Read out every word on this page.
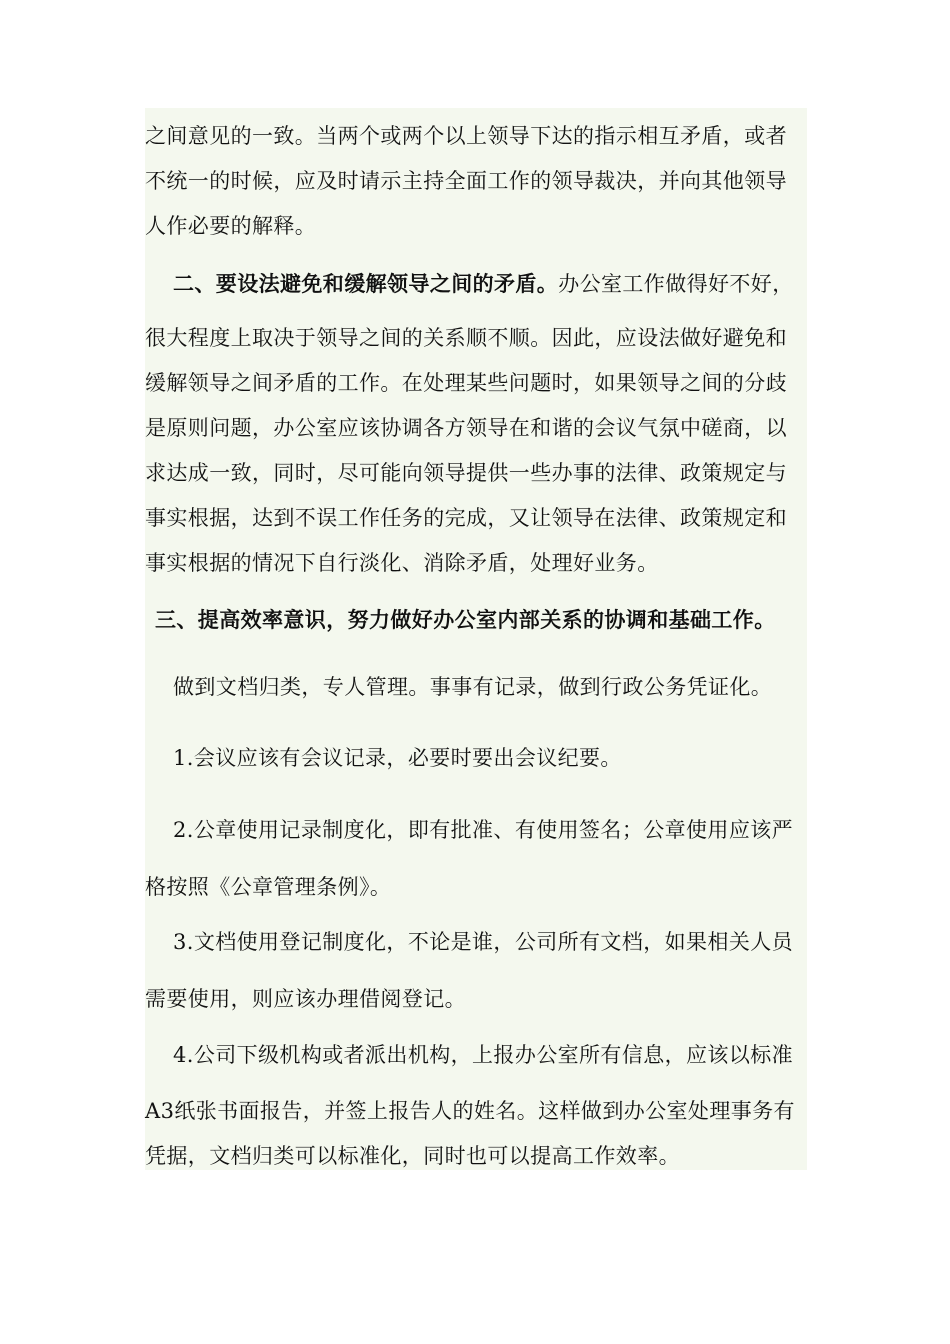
之间意见的一致。当两个或两个以上领导下达的指示相互矛盾，或者
不统一的时候，应及时请示主持全面工作的领导裁决，并向其他领导
人作必要的解释。
二、要设法避免和缓解领导之间的矛盾。办公室工作做得好不好，
很大程度上取决于领导之间的关系顺不顺。因此，应设法做好避免和
缓解领导之间矛盾的工作。在处理某些问题时，如果领导之间的分歧
是原则问题，办公室应该协调各方领导在和谐的会议气氛中磋商，以
求达成一致，同时，尽可能向领导提供一些办事的法律、政策规定与
事实根据，达到不误工作任务的完成，又让领导在法律、政策规定和
事实根据的情况下自行淡化、消除矛盾，处理好业务。
三、提高效率意识，努力做好办公室内部关系的协调和基础工作。
做到文档归类，专人管理。事事有记录，做到行政公务凭证化。
1.会议应该有会议记录，必要时要出会议纪要。
2.公章使用记录制度化，即有批准、有使用签名；公章使用应该严
格按照《公章管理条例》。
3.文档使用登记制度化，不论是谁，公司所有文档，如果相关人员
需要使用，则应该办理借阅登记。
4.公司下级机构或者派出机构，上报办公室所有信息，应该以标准
A3纸张书面报告，并签上报告人的姓名。这样做到办公室处理事务有
凭据，文档归类可以标准化，同时也可以提高工作效率。
